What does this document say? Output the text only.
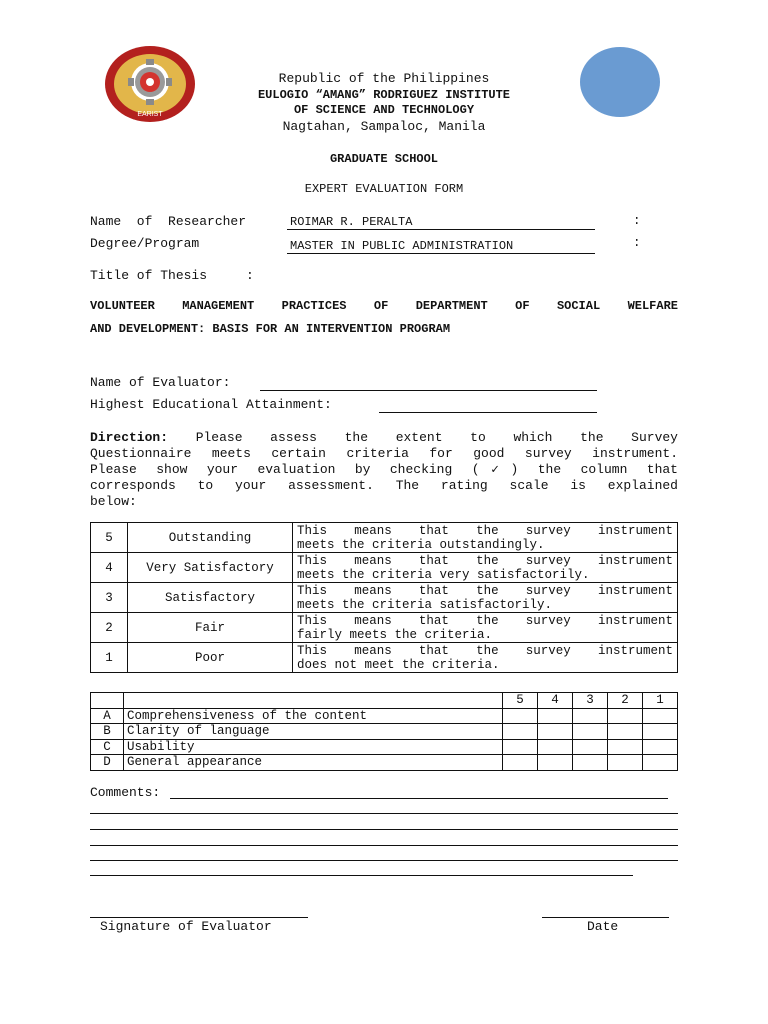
EARIST
Republic of the Philippines
EULOGIO “AMANG” RODRIGUEZ INSTITUTE
OF SCIENCE AND TECHNOLOGY
Nagtahan, Sampaloc, Manila
GRADUATE SCHOOL
EXPERT EVALUATION FORM
Name  of  Researcher	ROIMAR R. PERALTA	:
Degree/Program	MASTER IN PUBLIC ADMINISTRATION	:
Title of Thesis     :
VOLUNTEER MANAGEMENT PRACTICES OF DEPARTMENT OF SOCIAL WELFARE
AND DEVELOPMENT: BASIS FOR AN INTERVENTION PROGRAM
Name of Evaluator:
Highest Educational Attainment:
Direction: Please assess the extent to which the Survey
Questionnaire meets certain criteria for good survey instrument.
Please show your evaluation by checking (✓) the column that
corresponds to your assessment. The rating scale is explained
below:
5	Outstanding	This means that the survey instrument
meets the criteria outstandingly.

4	Very Satisfactory	This means that the survey instrument
meets the criteria very satisfactorily.

3	Satisfactory	This means that the survey instrument
meets the criteria satisfactorily.

2	Fair	This means that the survey instrument
fairly meets the criteria.

1	Poor	This means that the survey instrument
does not meet the criteria.
		5	4	3	2	1
A	Comprehensiveness of the content					
B	Clarity of language					
C	Usability					
D	General appearance					
Comments:
Signature of Evaluator	Date
